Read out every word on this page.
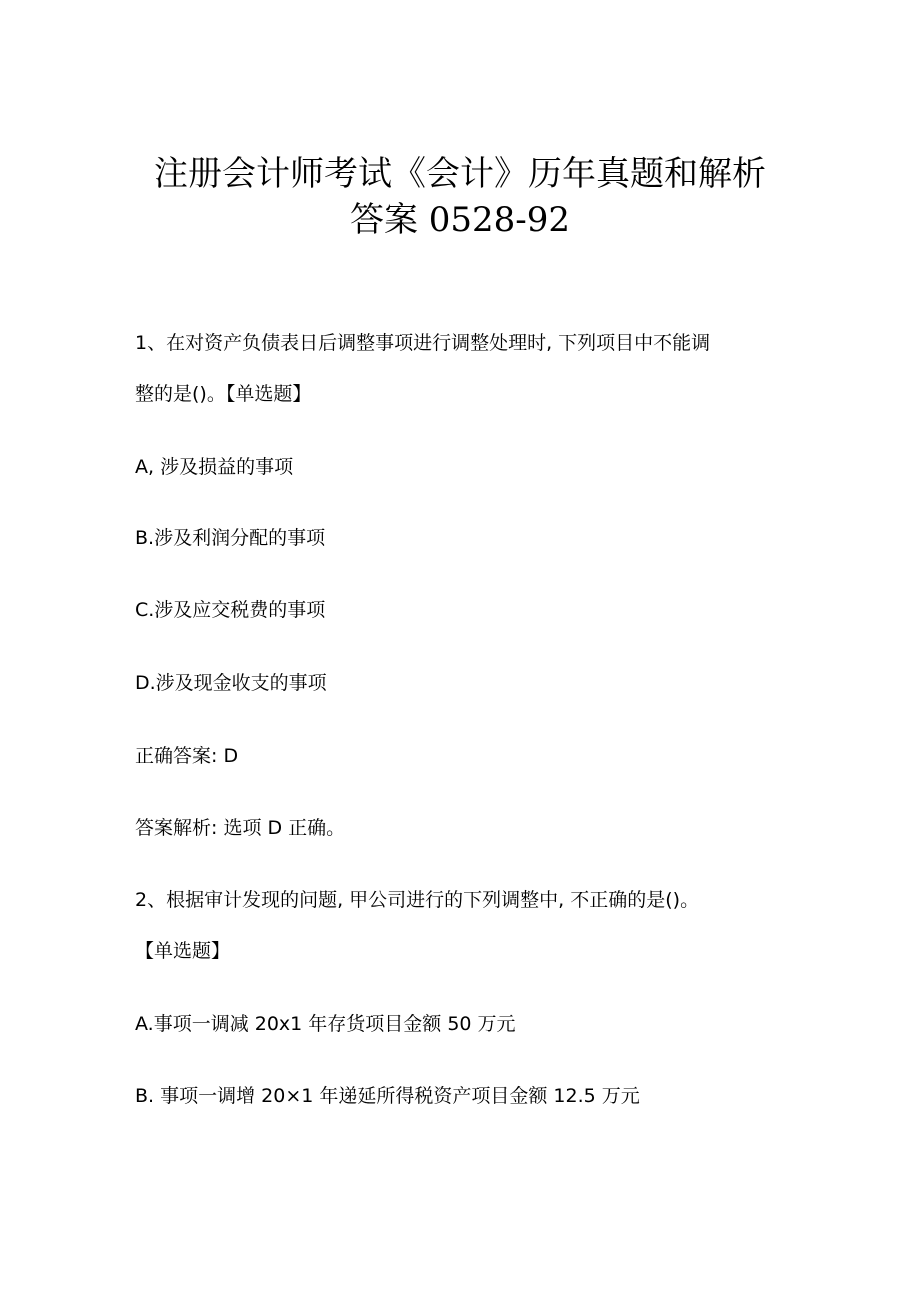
注册会计师考试《会计》历年真题和解析
答案 0528-92

1、在对资产负债表日后调整事项进行调整处理时, 下列项目中不能调

整的是()。【单选题】

A, 涉及损益的事项

B.涉及利润分配的事项

C.涉及应交税费的事项

D.涉及现金收支的事项

正确答案: D

答案解析: 选项 D 正确。

2、根据审计发现的问题, 甲公司进行的下列调整中, 不正确的是()。

【单选题】

A.事项一调减 20x1 年存货项目金额 50 万元

B. 事项一调增 20×1 年递延所得税资产项目金额 12.5 万元
